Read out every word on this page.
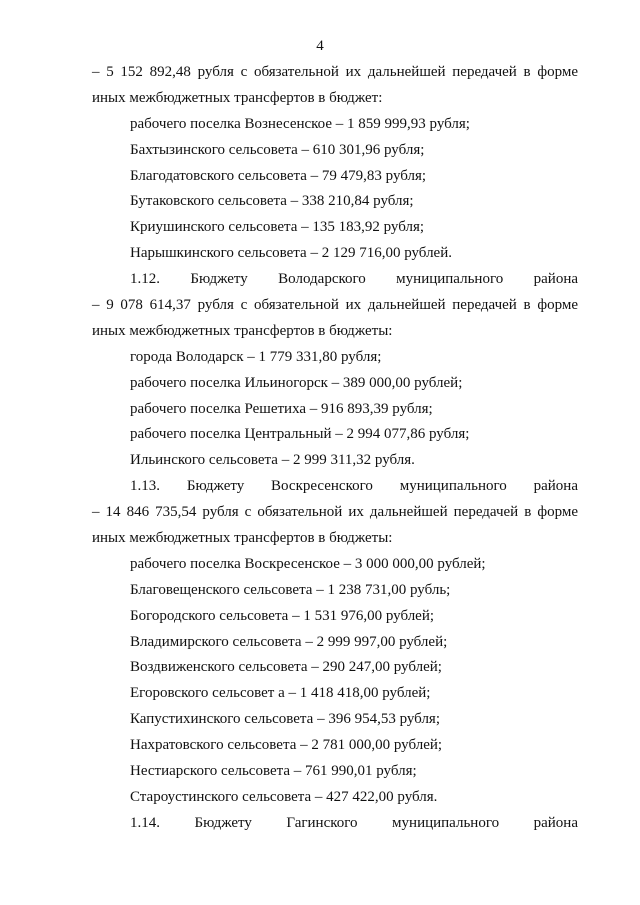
4
– 5 152 892,48 рубля с обязательной их дальнейшей передачей в форме
иных межбюджетных трансфертов в бюджет:
рабочего поселка Вознесенское – 1 859 999,93 рубля;
Бахтызинского сельсовета – 610 301,96 рубля;
Благодатовского сельсовета – 79 479,83 рубля;
Бутаковского сельсовета – 338 210,84 рубля;
Криушинского сельсовета – 135 183,92 рубля;
Нарышкинского сельсовета – 2 129 716,00 рублей.
1.12. Бюджету Володарского муниципального района
– 9 078 614,37 рубля с обязательной их дальнейшей передачей в форме
иных межбюджетных трансфертов в бюджеты:
города Володарск – 1 779 331,80 рубля;
рабочего поселка Ильиногорск – 389 000,00 рублей;
рабочего поселка Решетиха – 916 893,39 рубля;
рабочего поселка Центральный – 2 994 077,86 рубля;
Ильинского сельсовета – 2 999 311,32 рубля.
1.13. Бюджету Воскресенского муниципального района
– 14 846 735,54 рубля с обязательной их дальнейшей передачей в форме
иных межбюджетных трансфертов в бюджеты:
рабочего поселка Воскресенское – 3 000 000,00 рублей;
Благовещенского сельсовета – 1 238 731,00 рубль;
Богородского сельсовета – 1 531 976,00 рублей;
Владимирского сельсовета – 2 999 997,00 рублей;
Воздвиженского сельсовета – 290 247,00 рублей;
Егоровского сельсовет а – 1 418 418,00 рублей;
Капустихинского сельсовета – 396 954,53 рубля;
Нахратовского сельсовета – 2 781 000,00 рублей;
Нестиарского сельсовета – 761 990,01 рубля;
Староустинского сельсовета – 427 422,00 рубля.
1.14. Бюджету Гагинского муниципального района
